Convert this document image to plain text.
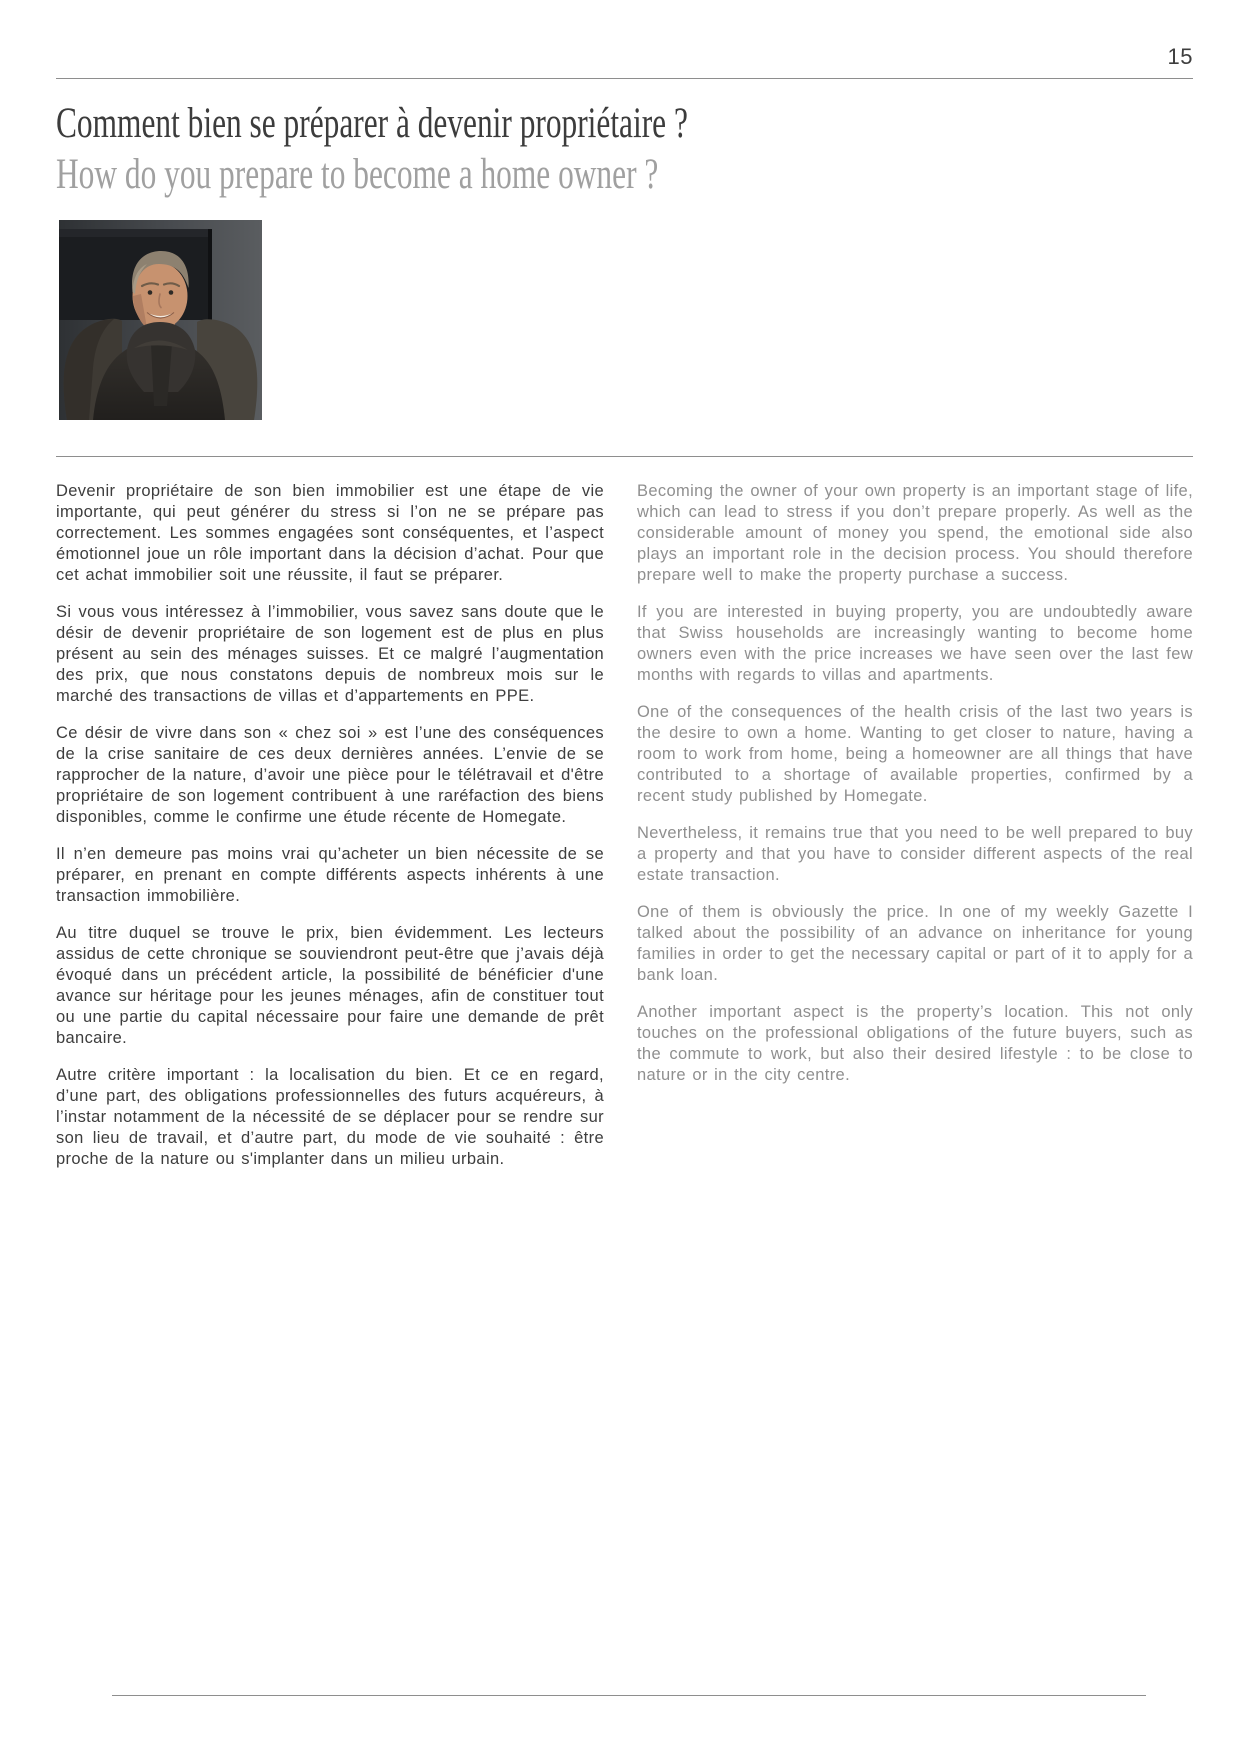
15
Comment bien se préparer à devenir propriétaire ?
How do you prepare to become a home owner ?

Devenir propriétaire de son bien immobilier est une étape de vie importante, qui peut générer du stress si l’on ne se prépare pas correctement. Les sommes engagées sont conséquentes, et l’aspect émotionnel joue un rôle important dans la décision d’achat. Pour que cet achat immobilier soit une réussite, il faut se préparer.

Si vous vous intéressez à l’immobilier, vous savez sans doute que le désir de devenir propriétaire de son logement est de plus en plus présent au sein des ménages suisses. Et ce malgré l’augmentation des prix, que nous constatons depuis de nombreux mois sur le marché des transactions de villas et d’appartements en PPE.

Ce désir de vivre dans son « chez soi » est l’une des conséquences de la crise sanitaire de ces deux dernières années. L’envie de se rapprocher de la nature, d’avoir une pièce pour le télétravail et d'être propriétaire de son logement contribuent à une raréfaction des biens disponibles, comme le confirme une étude récente de Homegate.

Il n’en demeure pas moins vrai qu’acheter un bien nécessite de se préparer, en prenant en compte différents aspects inhérents à une transaction immobilière.

Au titre duquel se trouve le prix, bien évidemment. Les lecteurs assidus de cette chronique se souviendront peut-être que j’avais déjà évoqué dans un précédent article, la possibilité de bénéficier d'une avance sur héritage pour les jeunes ménages, afin de constituer tout ou une partie du capital nécessaire pour faire une demande de prêt bancaire.

Autre critère important : la localisation du bien. Et ce en regard, d’une part, des obligations professionnelles des futurs acquéreurs, à l’instar notamment de la nécessité de se déplacer pour se rendre sur son lieu de travail, et d’autre part, du mode de vie souhaité : être proche de la nature ou s'implanter dans un milieu urbain.

Becoming the owner of your own property is an important stage of life, which can lead to stress if you don’t prepare properly. As well as the considerable amount of money you spend, the emotional side also plays an important role in the decision process. You should therefore prepare well to make the property purchase a success.

If you are interested in buying property, you are undoubtedly aware that Swiss households are increasingly wanting to become home owners even with the price increases we have seen over the last few months with regards to villas and apartments.

One of the consequences of the health crisis of the last two years is the desire to own a home. Wanting to get closer to nature, having a room to work from home, being a homeowner are all things that have contributed to a shortage of available properties, confirmed by a recent study published by Homegate.

Nevertheless, it remains true that you need to be well prepared to buy a property and that you have to consider different aspects of the real estate transaction.

One of them is obviously the price. In one of my weekly Gazette I talked about the possibility of an advance on inheritance for young families in order to get the necessary capital or part of it to apply for a bank loan.

Another important aspect is the property’s location. This not only touches on the professional obligations of the future buyers, such as the commute to work, but also their desired lifestyle : to be close to nature or in the city centre.
